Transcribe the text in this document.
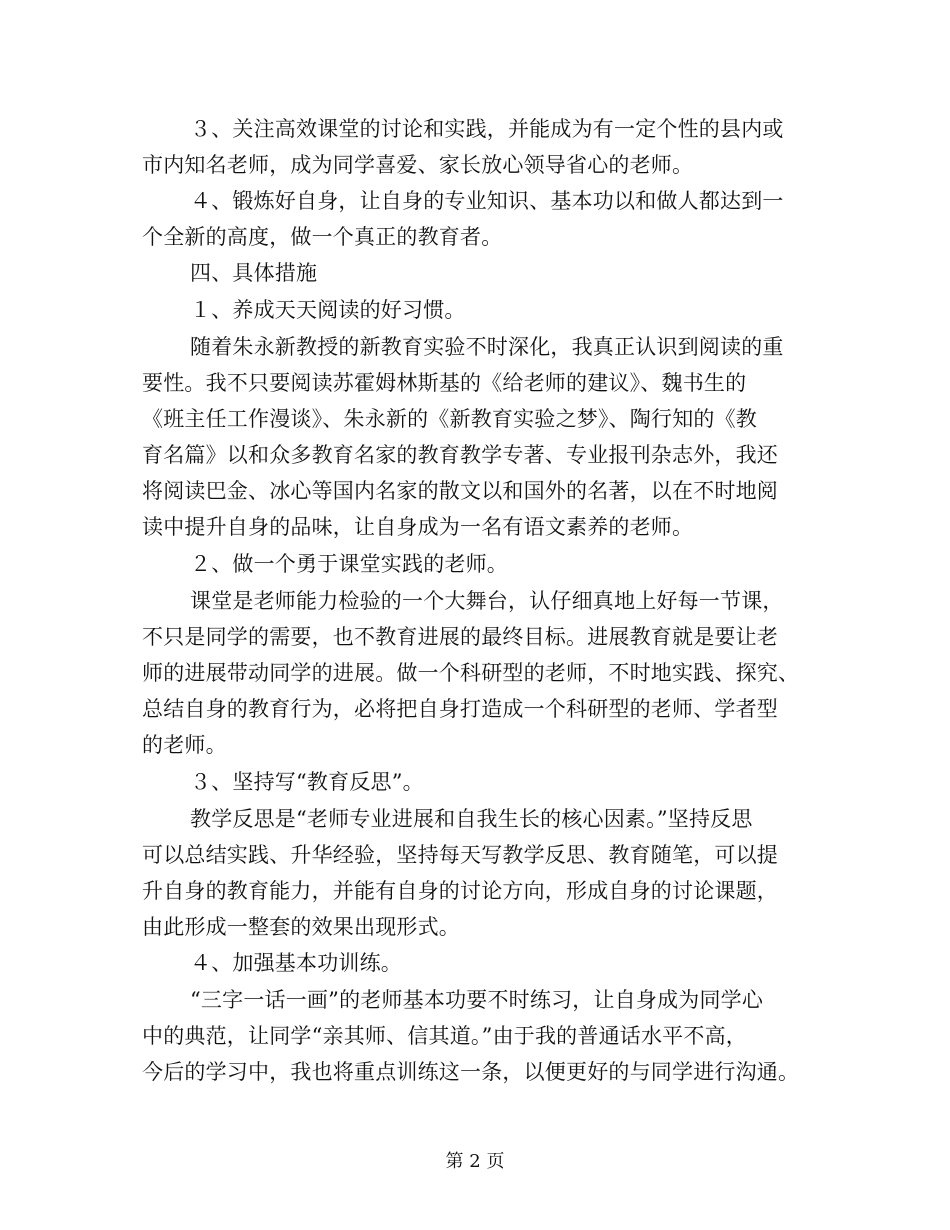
３、关注高效课堂的讨论和实践，并能成为有一定个性的县内或
市内知名老师，成为同学喜爱、家长放心领导省心的老师。
４、锻炼好自身，让自身的专业知识、基本功以和做人都达到一
个全新的高度，做一个真正的教育者。
四、具体措施
１、养成天天阅读的好习惯。
随着朱永新教授的新教育实验不时深化，我真正认识到阅读的重
要性。我不只要阅读苏霍姆林斯基的《给老师的建议》、魏书生的
《班主任工作漫谈》、朱永新的《新教育实验之梦》、陶行知的《教
育名篇》以和众多教育名家的教育教学专著、专业报刊杂志外，我还
将阅读巴金、冰心等国内名家的散文以和国外的名著，以在不时地阅
读中提升自身的品味，让自身成为一名有语文素养的老师。
２、做一个勇于课堂实践的老师。
课堂是老师能力检验的一个大舞台，认仔细真地上好每一节课，
不只是同学的需要，也不教育进展的最终目标。进展教育就是要让老
师的进展带动同学的进展。做一个科研型的老师，不时地实践、探究、
总结自身的教育行为，必将把自身打造成一个科研型的老师、学者型
的老师。
３、坚持写“教育反思”。
教学反思是“老师专业进展和自我生长的核心因素。”坚持反思
可以总结实践、升华经验，坚持每天写教学反思、教育随笔，可以提
升自身的教育能力，并能有自身的讨论方向，形成自身的讨论课题，
由此形成一整套的效果出现形式。
４、加强基本功训练。
“三字一话一画”的老师基本功要不时练习，让自身成为同学心
中的典范，让同学“亲其师、信其道。”由于我的普通话水平不高，
今后的学习中，我也将重点训练这一条，以便更好的与同学进行沟通。
第 2 页
